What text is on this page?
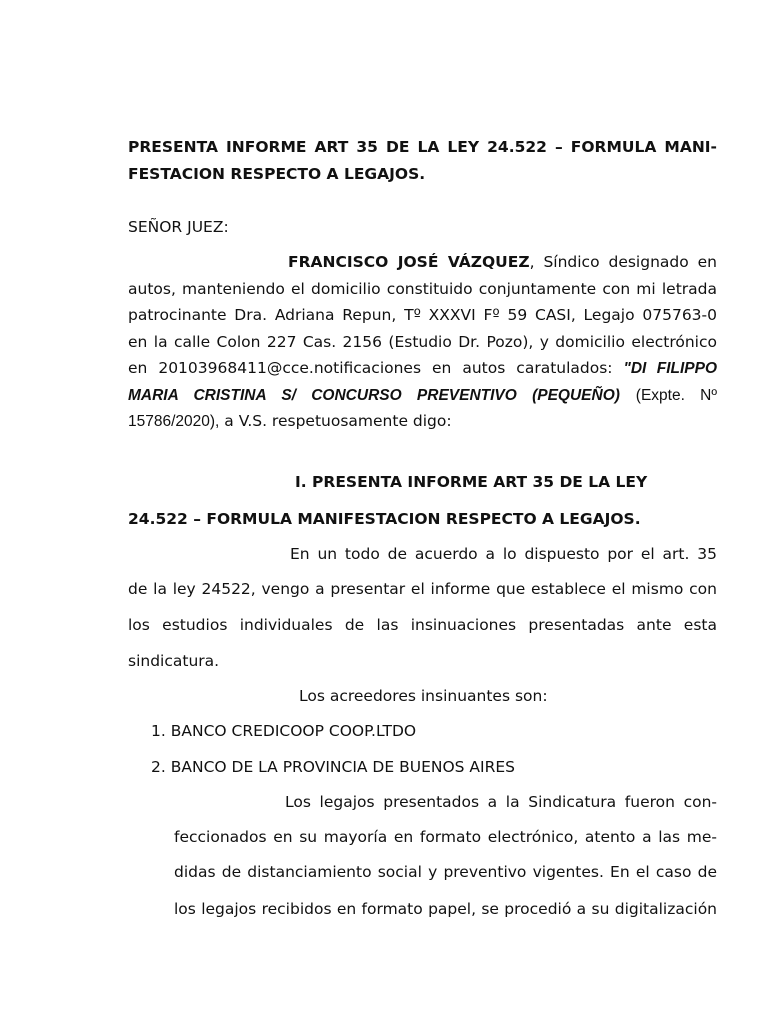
PRESENTA INFORME ART 35 DE LA LEY 24.522 – FORMULA MANI-
FESTACION RESPECTO A LEGAJOS.
SEÑOR JUEZ:
FRANCISCO JOSÉ VÁZQUEZ, Síndico designado en
autos, manteniendo el domicilio constituido conjuntamente con mi letrada
patrocinante Dra. Adriana Repun, Tº XXXVI Fº 59 CASI, Legajo 075763-0
en la calle Colon 227 Cas. 2156 (Estudio Dr. Pozo), y domicilio electrónico
en 20103968411@cce.notificaciones en autos caratulados: "DI FILIPPO
MARIA CRISTINA S/ CONCURSO PREVENTIVO (PEQUEÑO) (Expte. Nº
15786/2020), a V.S. respetuosamente digo:
I. PRESENTA INFORME ART 35 DE LA LEY
24.522 – FORMULA MANIFESTACION RESPECTO A LEGAJOS.
En un todo de acuerdo a lo dispuesto por el art. 35
de la ley 24522, vengo a presentar el informe que establece el mismo con
los estudios individuales de las insinuaciones presentadas ante esta
sindicatura.
Los acreedores insinuantes son:
1. BANCO CREDICOOP COOP.LTDO
2. BANCO DE LA PROVINCIA DE BUENOS AIRES
Los legajos presentados a la Sindicatura fueron con-
feccionados en su mayoría en formato electrónico, atento a las me-
didas de distanciamiento social y preventivo vigentes. En el caso de
los legajos recibidos en formato papel, se procedió a su digitalización
